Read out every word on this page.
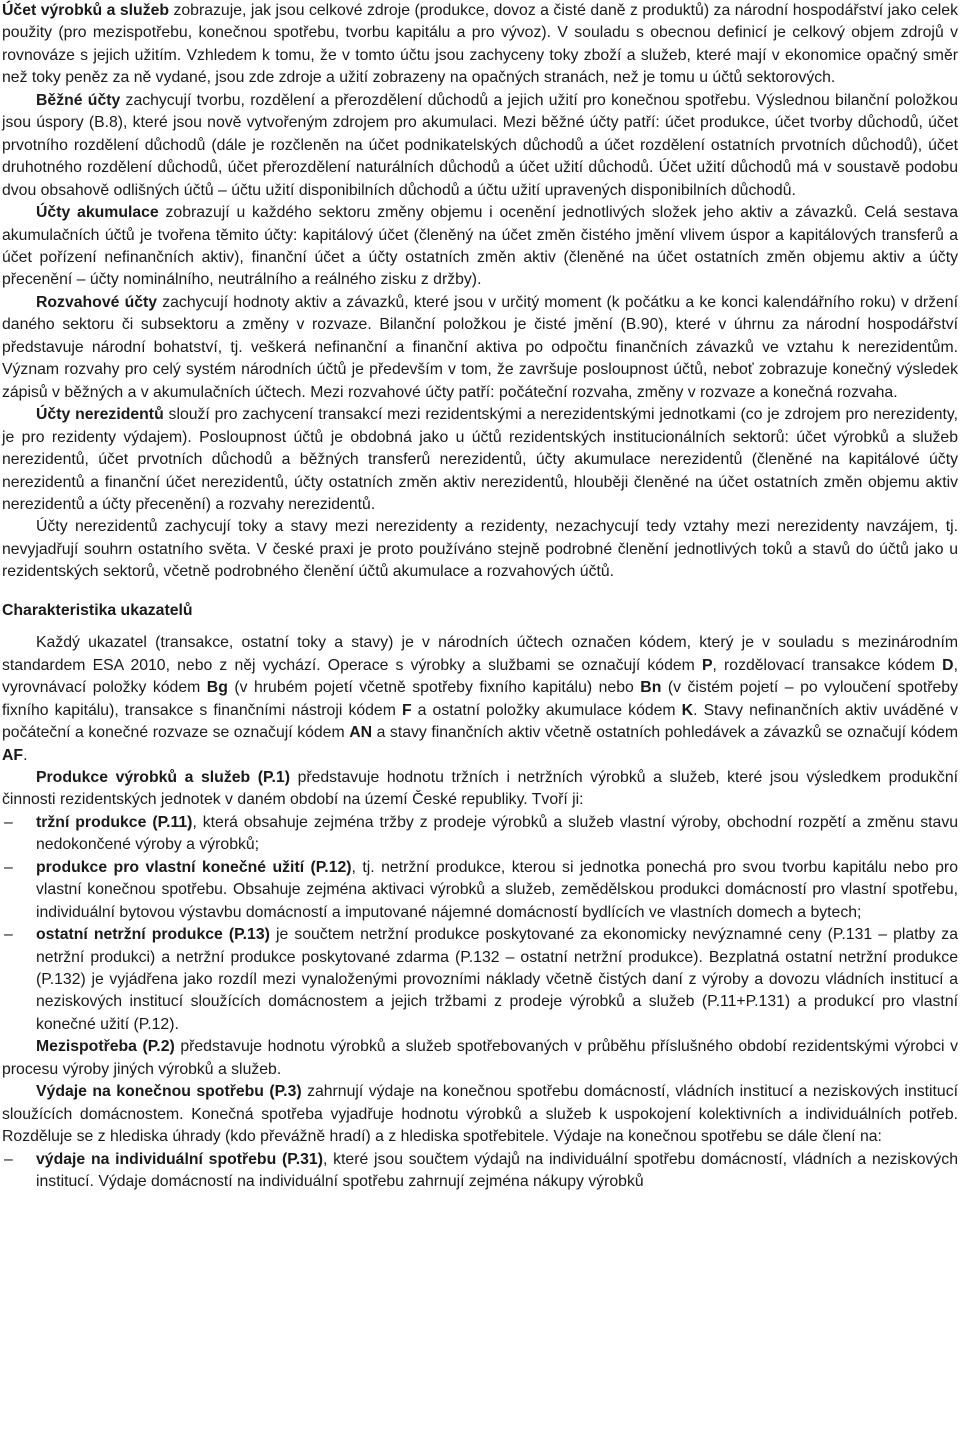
Účet výrobků a služeb zobrazuje, jak jsou celkové zdroje (produkce, dovoz a čisté daně z produktů) za národní hospodářství jako celek použity (pro mezispotřebu, konečnou spotřebu, tvorbu kapitálu a pro vývoz). V souladu s obecnou definicí je celkový objem zdrojů v rovnováze s jejich užitím. Vzhledem k tomu, že v tomto účtu jsou zachyceny toky zboží a služeb, které mají v ekonomice opačný směr než toky peněz za ně vydané, jsou zde zdroje a užití zobrazeny na opačných stranách, než je tomu u účtů sektorových.

Běžné účty zachycují tvorbu, rozdělení a přerozdělení důchodů a jejich užití pro konečnou spotřebu. Výslednou bilanční položkou jsou úspory (B.8), které jsou nově vytvořeným zdrojem pro akumulaci. Mezi běžné účty patří: účet produkce, účet tvorby důchodů, účet prvotního rozdělení důchodů (dále je rozčleněn na účet podnikatelských důchodů a účet rozdělení ostatních prvotních důchodů), účet druhotného rozdělení důchodů, účet přerozdělení naturálních důchodů a účet užití důchodů. Účet užití důchodů má v soustavě podobu dvou obsahově odlišných účtů – účtu užití disponibilních důchodů a účtu užití upravených disponibilních důchodů.

Účty akumulace zobrazují u každého sektoru změny objemu i ocenění jednotlivých složek jeho aktiv a závazků. Celá sestava akumulačních účtů je tvořena těmito účty: kapitálový účet (členěný na účet změn čistého jmění vlivem úspor a kapitálových transferů a účet pořízení nefinančních aktiv), finanční účet a účty ostatních změn aktiv (členěné na účet ostatních změn objemu aktiv a účty přecenění – účty nominálního, neutrálního a reálného zisku z držby).

Rozvahové účty zachycují hodnoty aktiv a závazků, které jsou v určitý moment (k počátku a ke konci kalendářního roku) v držení daného sektoru či subsektoru a změny v rozvaze. Bilanční položkou je čisté jmění (B.90), které v úhrnu za národní hospodářství představuje národní bohatství, tj. veškerá nefinanční a finanční aktiva po odpočtu finančních závazků ve vztahu k nerezidentům. Význam rozvahy pro celý systém národních účtů je především v tom, že završuje posloupnost účtů, neboť zobrazuje konečný výsledek zápisů v běžných a v akumulačních účtech. Mezi rozvahové účty patří: počáteční rozvaha, změny v rozvaze a konečná rozvaha.

Účty nerezidentů slouží pro zachycení transakcí mezi rezidentskými a nerezidentskými jednotkami (co je zdrojem pro nerezidenty, je pro rezidenty výdajem). Posloupnost účtů je obdobná jako u účtů rezidentských institucionálních sektorů: účet výrobků a služeb nerezidentů, účet prvotních důchodů a běžných transferů nerezidentů, účty akumulace nerezidentů (členěné na kapitálové účty nerezidentů a finanční účet nerezidentů, účty ostatních změn aktiv nerezidentů, hlouběji členěné na účet ostatních změn objemu aktiv nerezidentů a účty přecenění) a rozvahy nerezidentů.

Účty nerezidentů zachycují toky a stavy mezi nerezidenty a rezidenty, nezachycují tedy vztahy mezi nerezidenty navzájem, tj. nevyjadřují souhrn ostatního světa. V české praxi je proto používáno stejně podrobné členění jednotlivých toků a stavů do účtů jako u rezidentských sektorů, včetně podrobného členění účtů akumulace a rozvahových účtů.

Charakteristika ukazatelů

Každý ukazatel (transakce, ostatní toky a stavy) je v národních účtech označen kódem, který je v souladu s mezinárodním standardem ESA 2010, nebo z něj vychází. Operace s výrobky a službami se označují kódem P, rozdělovací transakce kódem D, vyrovnávací položky kódem Bg (v hrubém pojetí včetně spotřeby fixního kapitálu) nebo Bn (v čistém pojetí – po vyloučení spotřeby fixního kapitálu), transakce s finančními nástroji kódem F a ostatní položky akumulace kódem K. Stavy nefinančních aktiv uváděné v počáteční a konečné rozvaze se označují kódem AN a stavy finančních aktiv včetně ostatních pohledávek a závazků se označují kódem AF.

Produkce výrobků a služeb (P.1) představuje hodnotu tržních i netržních výrobků a služeb, které jsou výsledkem produkční činnosti rezidentských jednotek v daném období na území České republiky. Tvoří ji:

– tržní produkce (P.11), která obsahuje zejména tržby z prodeje výrobků a služeb vlastní výroby, obchodní rozpětí a změnu stavu nedokončené výroby a výrobků;
– produkce pro vlastní konečné užití (P.12), tj. netržní produkce, kterou si jednotka ponechá pro svou tvorbu kapitálu nebo pro vlastní konečnou spotřebu. Obsahuje zejména aktivaci výrobků a služeb, zemědělskou produkci domácností pro vlastní spotřebu, individuální bytovou výstavbu domácností a imputované nájemné domácností bydlících ve vlastních domech a bytech;
– ostatní netržní produkce (P.13) je součtem netržní produkce poskytované za ekonomicky nevýznamné ceny (P.131 – platby za netržní produkci) a netržní produkce poskytované zdarma (P.132 – ostatní netržní produkce). Bezplatná ostatní netržní produkce (P.132) je vyjádřena jako rozdíl mezi vynaloženými provozními náklady včetně čistých daní z výroby a dovozu vládních institucí a neziskových institucí sloužících domácnostem a jejich tržbami z prodeje výrobků a služeb (P.11+P.131) a produkcí pro vlastní konečné užití (P.12).

Mezispotřeba (P.2) představuje hodnotu výrobků a služeb spotřebovaných v průběhu příslušného období rezidentskými výrobci v procesu výroby jiných výrobků a služeb.

Výdaje na konečnou spotřebu (P.3) zahrnují výdaje na konečnou spotřebu domácností, vládních institucí a neziskových institucí sloužících domácnostem. Konečná spotřeba vyjadřuje hodnotu výrobků a služeb k uspokojení kolektivních a individuálních potřeb. Rozděluje se z hlediska úhrady (kdo převážně hradí) a z hlediska spotřebitele. Výdaje na konečnou spotřebu se dále člení na:

– výdaje na individuální spotřebu (P.31), které jsou součtem výdajů na individuální spotřebu domácností, vládních a neziskových institucí. Výdaje domácností na individuální spotřebu zahrnují zejména nákupy výrobků
